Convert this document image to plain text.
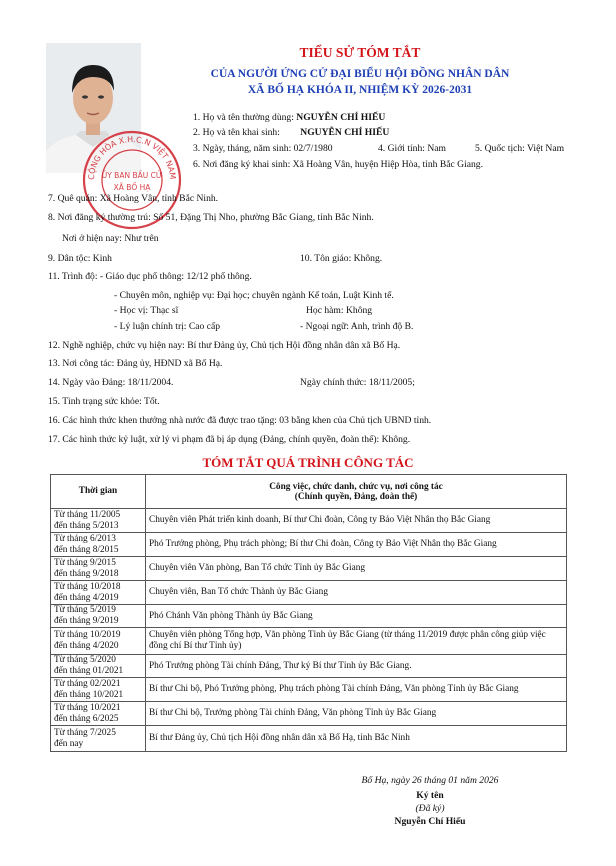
CỘNG HÒA X.H.C.N VIỆT NAM
ỦY BAN BẦU CỬ
XÃ BỐ HẠ
TIỂU SỬ TÓM TẮT
CỦA NGƯỜI ỨNG CỬ ĐẠI BIỂU HỘI ĐỒNG NHÂN DÂN
XÃ BỐ HẠ KHÓA II, NHIỆM KỲ 2026-2031
1. Họ và tên thường dùng: NGUYỄN CHÍ HIẾU
2. Họ và tên khai sinh: NGUYỄN CHÍ HIẾU
3. Ngày, tháng, năm sinh: 02/7/1980	4. Giới tính: Nam	5. Quốc tịch: Việt Nam
6. Nơi đăng ký khai sinh: Xã Hoàng Vân, huyện Hiệp Hòa, tỉnh Bắc Giang.
7. Quê quán: Xã Hoàng Vân, tỉnh Bắc Ninh.
8. Nơi đăng ký thường trú: Số 51, Đặng Thị Nho, phường Bắc Giang, tỉnh Bắc Ninh.
Nơi ở hiện nay: Như trên
9. Dân tộc: Kinh	10. Tôn giáo: Không.
11. Trình độ: - Giáo dục phổ thông: 12/12 phổ thông.
- Chuyên môn, nghiệp vụ: Đại học; chuyên ngành Kế toán, Luật Kinh tế.
- Học vị: Thạc sĩ	Học hàm: Không
- Lý luận chính trị: Cao cấp	- Ngoại ngữ: Anh, trình độ B.
12. Nghề nghiệp, chức vụ hiện nay: Bí thư Đảng ủy, Chủ tịch Hội đồng nhân dân xã Bố Hạ.
13. Nơi công tác: Đảng ủy, HĐND xã Bố Hạ.
14. Ngày vào Đảng: 18/11/2004.	Ngày chính thức: 18/11/2005;
15. Tình trạng sức khỏe: Tốt.
16. Các hình thức khen thưởng nhà nước đã được trao tặng: 03 bằng khen của Chủ tịch UBND tỉnh.
17. Các hình thức kỷ luật, xử lý vi phạm đã bị áp dụng (Đảng, chính quyền, đoàn thể): Không.
TÓM TẮT QUÁ TRÌNH CÔNG TÁC
Thời gian	Công việc, chức danh, chức vụ, nơi công tác
(Chính quyền, Đảng, đoàn thể)

Từ tháng 11/2005
đến tháng 5/2013	Chuyên viên Phát triển kinh doanh, Bí thư Chi đoàn, Công ty Bảo Việt Nhân thọ Bắc Giang

Từ tháng 6/2013
đến tháng 8/2015	Phó Trưởng phòng, Phụ trách phòng; Bí thư Chi đoàn, Công ty Bảo Việt Nhân thọ Bắc Giang

Từ tháng 9/2015
đến tháng 9/2018	Chuyên viên Văn phòng, Ban Tổ chức Tỉnh ủy Bắc Giang

Từ tháng 10/2018
đến tháng 4/2019	Chuyên viên, Ban Tổ chức Thành ủy Bắc Giang

Từ tháng 5/2019
đến tháng 9/2019	Phó Chánh Văn phòng Thành ủy Bắc Giang

Từ tháng 10/2019
đến tháng 4/2020	Chuyên viên phòng Tổng hợp, Văn phòng Tỉnh ủy Bắc Giang (từ tháng 11/2019 được phân công giúp việc đồng chí Bí thư Tỉnh ủy)

Từ tháng 5/2020
đến tháng 01/2021	Phó Trưởng phòng Tài chính Đảng, Thư ký Bí thư Tỉnh ủy Bắc Giang.

Từ tháng 02/2021
đến tháng 10/2021	Bí thư Chi bộ, Phó Trưởng phòng, Phụ trách phòng Tài chính Đảng, Văn phòng Tỉnh ủy Bắc Giang

Từ tháng 10/2021
đến tháng 6/2025	Bí thư Chi bộ, Trưởng phòng Tài chính Đảng, Văn phòng Tỉnh ủy Bắc Giang

Từ tháng 7/2025
đến nay	Bí thư Đảng ủy, Chủ tịch Hội đồng nhân dân xã Bố Hạ, tỉnh Bắc Ninh
Bố Hạ, ngày 26 tháng 01 năm 2026
Ký tên
(Đã ký)
Nguyễn Chí Hiếu
